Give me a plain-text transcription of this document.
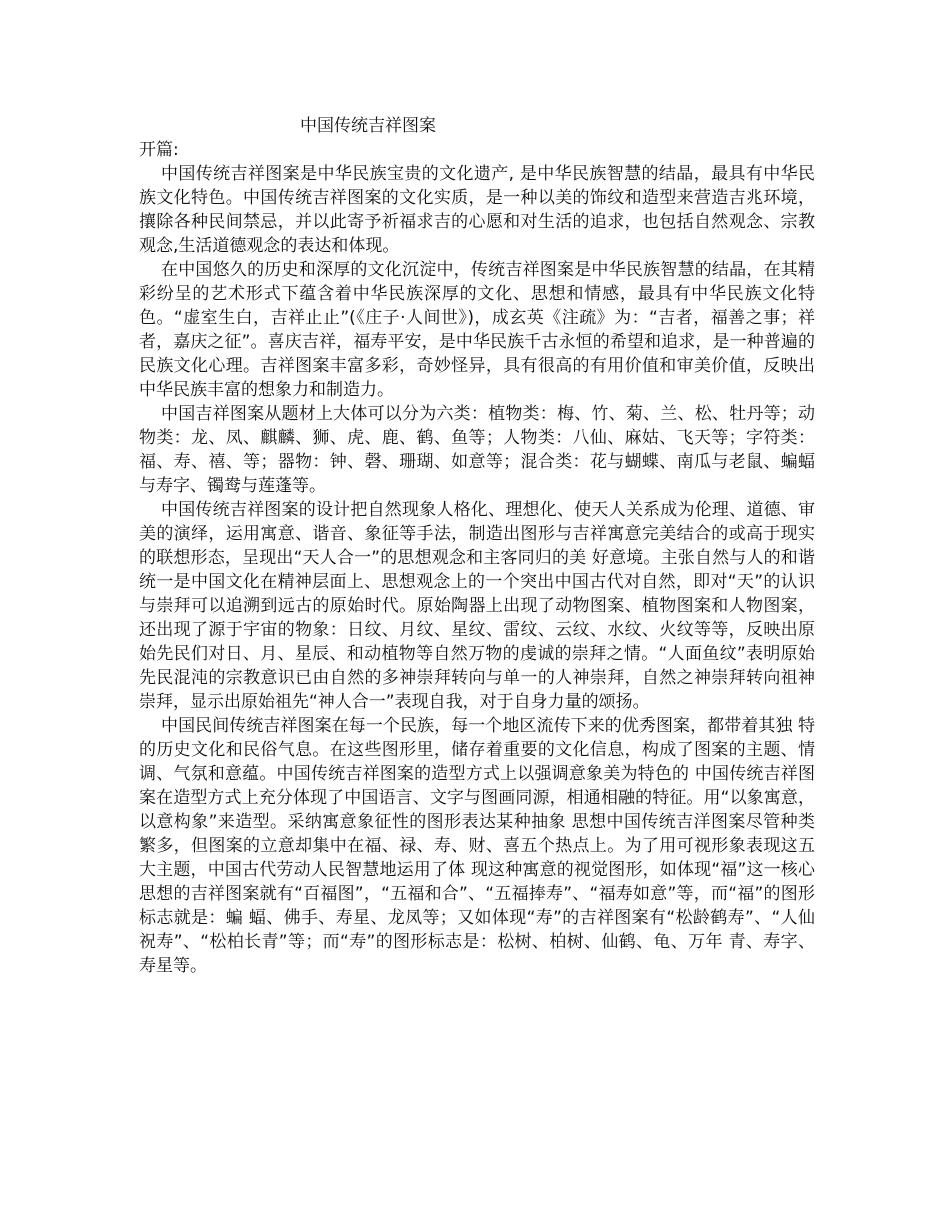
中国传统吉祥图案

开篇:

中国传统吉祥图案是中华民族宝贵的文化遗产, 是中华民族智慧的结晶，最具有中华民族文化特色。中国传统吉祥图案的文化实质，是一种以美的饰纹和造型来营造吉兆环境，攘除各种民间禁忌，并以此寄予祈福求吉的心愿和对生活的追求，也包括自然观念、宗教观念,生活道德观念的表达和体现。

在中国悠久的历史和深厚的文化沉淀中，传统吉祥图案是中华民族智慧的结晶，在其精彩纷呈的艺术形式下蕴含着中华民族深厚的文化、思想和情感，最具有中华民族文化特色。“虚室生白，吉祥止止”(《庄子·人间世》)，成玄英《注疏》为：“吉者，福善之事；祥者，嘉庆之征”。喜庆吉祥，福寿平安，是中华民族千古永恒的希望和追求，是一种普遍的民族文化心理。吉祥图案丰富多彩，奇妙怪异，具有很高的有用价值和审美价值，反映出中华民族丰富的想象力和制造力。

中国吉祥图案从题材上大体可以分为六类：植物类：梅、竹、菊、兰、松、牡丹等；动物类：龙、凤、麒麟、狮、虎、鹿、鹤、鱼等；人物类：八仙、麻姑、飞天等；字符类：福、寿、禧、等；器物：钟、磬、珊瑚、如意等；混合类：花与蝴蝶、南瓜与老鼠、蝙蝠与寿字、镯鸯与莲蓬等。

中国传统吉祥图案的设计把自然现象人格化、理想化、使天人关系成为伦理、道德、审美的演绎，运用寓意、谐音、象征等手法，制造出图形与吉祥寓意完美结合的或高于现实的联想形态，呈现出“天人合一”的思想观念和主客同归的美 好意境。主张自然与人的和谐统一是中国文化在精神层面上、思想观念上的一个突出中国古代对自然，即对“天”的认识与崇拜可以追溯到远古的原始时代。原始陶器上出现了动物图案、植物图案和人物图案，还出现了源于宇宙的物象：日纹、月纹、星纹、雷纹、云纹、水纹、火纹等等，反映出原始先民们对日、月、星辰、和动植物等自然万物的虔诚的崇拜之情。“人面鱼纹”表明原始先民混沌的宗教意识已由自然的多神崇拜转向与单一的人神崇拜，自然之神崇拜转向祖神崇拜，显示出原始祖先“神人合一”表现自我，对于自身力量的颂扬。

中国民间传统吉祥图案在每一个民族，每一个地区流传下来的优秀图案，都带着其独 特的历史文化和民俗气息。在这些图形里，储存着重要的文化信息，构成了图案的主题、情调、气氛和意蕴。中国传统吉祥图案的造型方式上以强调意象美为特色的 中国传统吉祥图案在造型方式上充分体现了中国语言、文字与图画同源，相通相融的特征。用“以象寓意，以意构象”来造型。采纳寓意象征性的图形表达某种抽象 思想中国传统吉洋图案尽管种类繁多，但图案的立意却集中在福、禄、寿、财、喜五个热点上。为了用可视形象表现这五大主题，中国古代劳动人民智慧地运用了体 现这种寓意的视觉图形，如体现“福”这一核心思想的吉祥图案就有“百福图”，“五福和合”、“五福捧寿”、“福寿如意”等，而“福”的图形标志就是：蝙 蝠、佛手、寿星、龙凤等；又如体现“寿”的吉祥图案有“松龄鹤寿”、“人仙祝寿”、“松柏长青”等；而“寿”的图形标志是：松树、柏树、仙鹤、龟、万年 青、寿字、寿星等。
